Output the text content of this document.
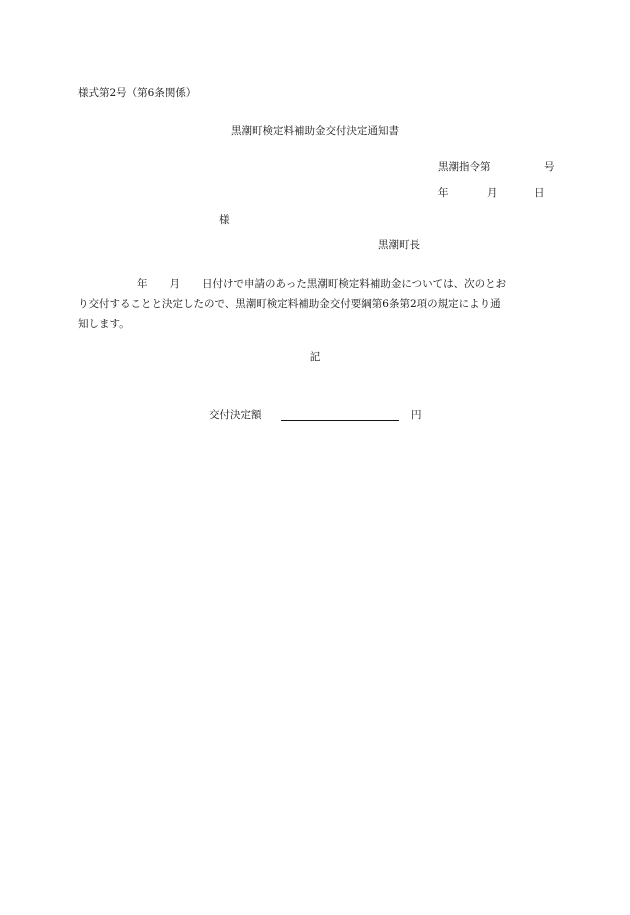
様式第2号（第6条関係）
黒潮町検定料補助金交付決定通知書
黒潮指令第	号
年	月	日
様
黒潮町長
年 月 日付けで申請のあった黒潮町検定料補助金については、次のとお
り交付することと決定したので、黒潮町検定料補助金交付要綱第6条第2項の規定により通
知します。
記
交付決定額	円
